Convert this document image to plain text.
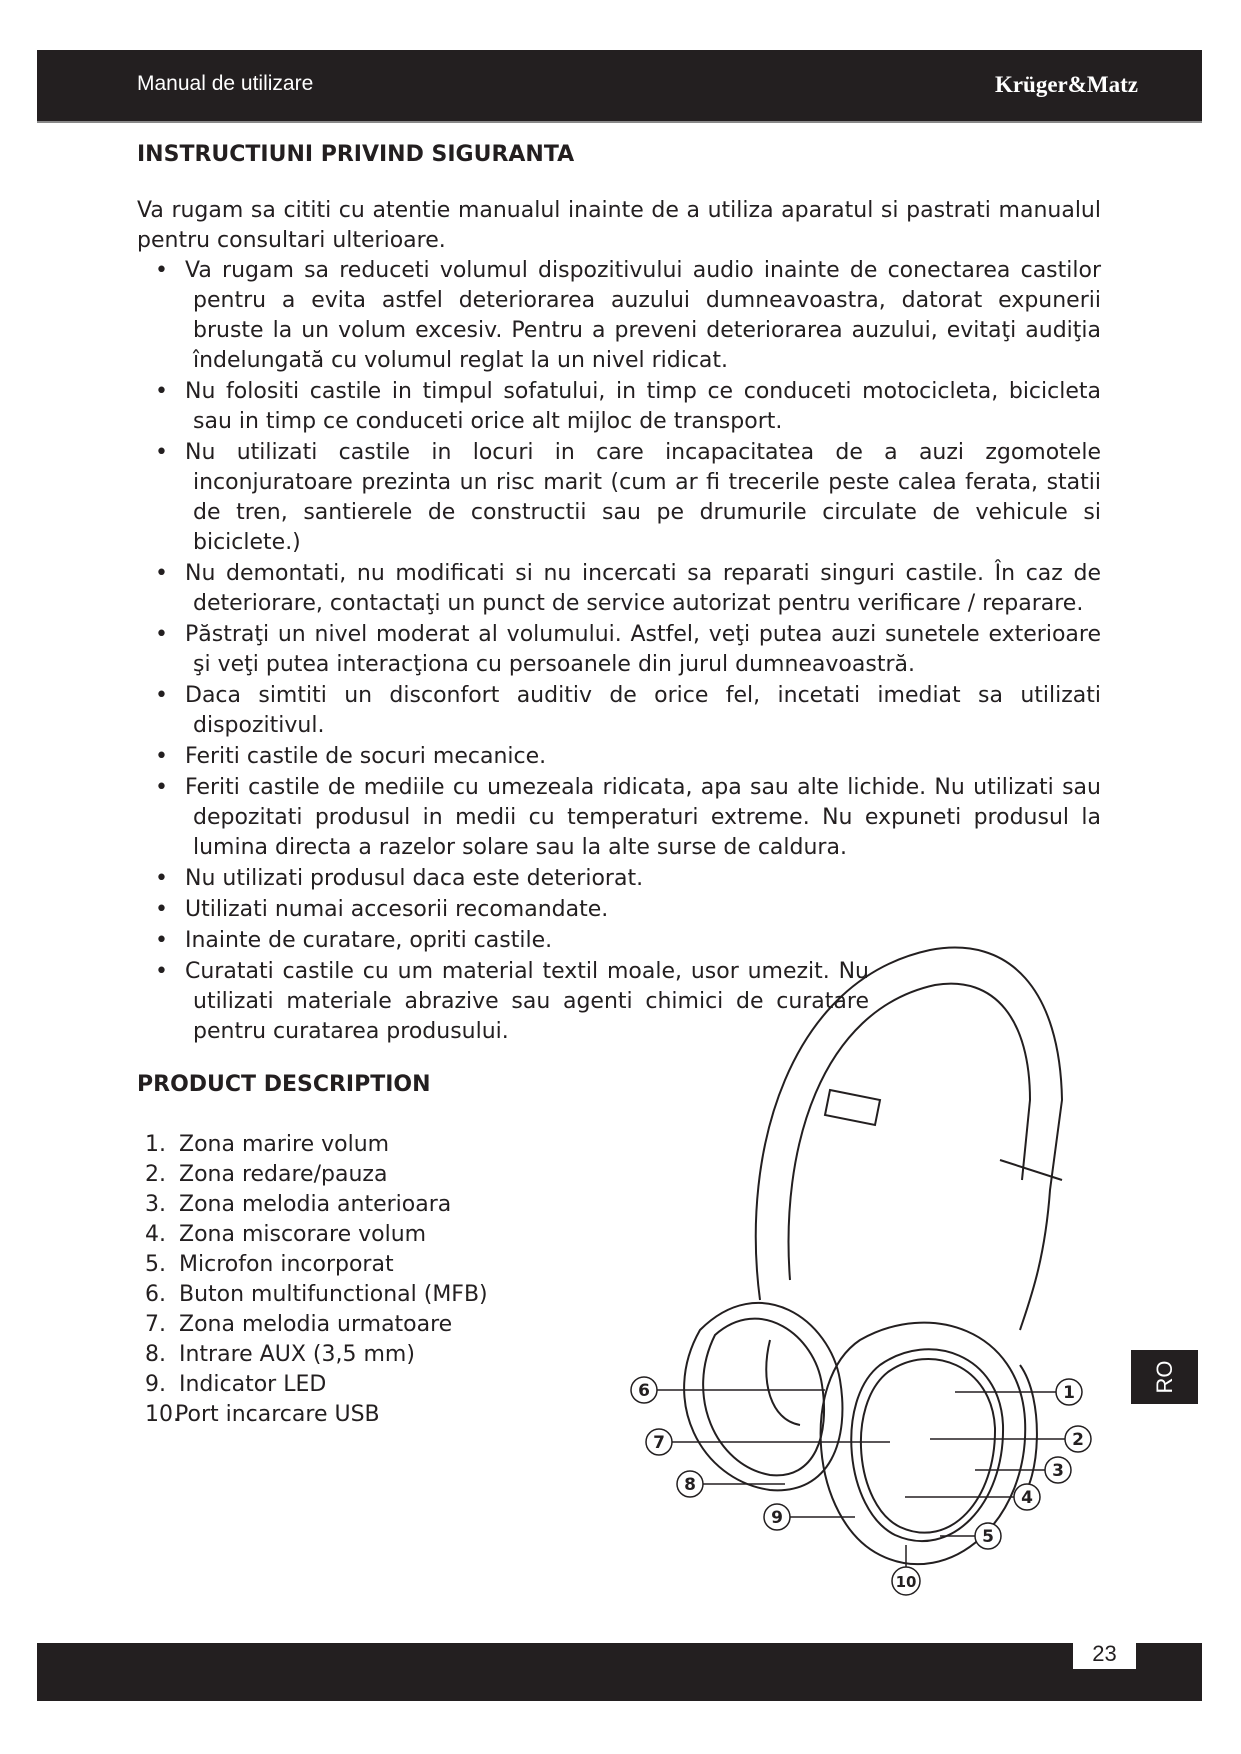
Manual de utilizare	Krüger&Matz
INSTRUCTIUNI PRIVIND SIGURANTA

Va rugam sa cititi cu atentie manualul inainte de a utiliza aparatul si pastrati manualul pentru consultari ulterioare.

• Va rugam sa reduceti volumul dispozitivului audio inainte de conectarea castilor pentru a evita astfel deteriorarea auzului dumneavoastra, datorat expunerii bruste la un volum excesiv. Pentru a preveni deteriorarea auzului, evitaţi audiţia îndelungată cu volumul reglat la un nivel ridicat.
• Nu folositi castile in timpul sofatului, in timp ce conduceti motocicleta, bicicleta sau in timp ce conduceti orice alt mijloc de transport.
• Nu utilizati castile in locuri in care incapacitatea de a auzi zgomotele inconjuratoare prezinta un risc marit (cum ar fi trecerile peste calea ferata, statii de tren, santierele de constructii sau pe drumurile circulate de vehicule si biciclete.)
• Nu demontati, nu modificati si nu incercati sa reparati singuri castile. În caz de deteriorare, contactaţi un punct de service autorizat pentru verificare / reparare.
• Păstraţi un nivel moderat al volumului. Astfel, veţi putea auzi sunetele exterioare şi veţi putea interacţiona cu persoanele din jurul dumneavoastră.
• Daca simtiti un disconfort auditiv de orice fel, incetati imediat sa utilizati dispozitivul.
• Feriti castile de socuri mecanice.
• Feriti castile de mediile cu umezeala ridicata, apa sau alte lichide. Nu utilizati sau depozitati produsul in medii cu temperaturi extreme. Nu expuneti produsul la lumina directa a razelor solare sau la alte surse de caldura.
• Nu utilizati produsul daca este deteriorat.
• Utilizati numai accesorii recomandate.
• Inainte de curatare, opriti castile.
• Curatati castile cu um material textil moale, usor umezit. Nu utilizati materiale abrazive sau agenti chimici de curatare pentru curatarea produsului.
PRODUCT DESCRIPTION
1. Zona marire volum
2. Zona redare/pauza
3. Zona melodia anterioara
4. Zona miscorare volum
5. Microfon incorporat
6. Buton multifunctional (MFB)
7. Zona melodia urmatoare
8. Intrare AUX (3,5 mm)
9. Indicator LED
10.Port incarcare USB
1
2
3
4
5
6
7
8
9
10
RO
23
